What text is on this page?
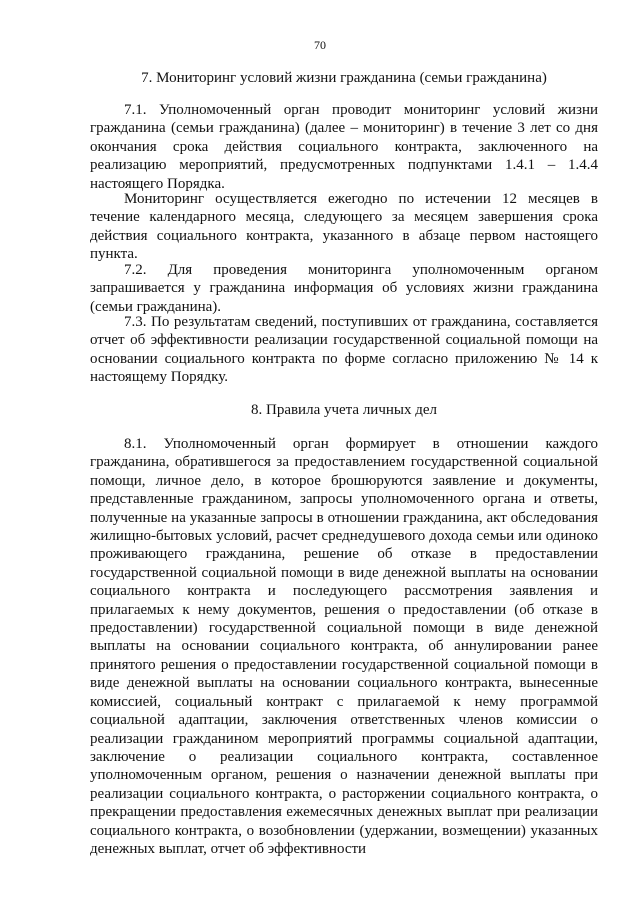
70
7. Мониторинг условий жизни гражданина (семьи гражданина)

7.1. Уполномоченный орган проводит мониторинг условий жизни гражданина (семьи гражданина) (далее – мониторинг) в течение 3 лет со дня окончания срока действия социального контракта, заключенного на реализацию мероприятий, предусмотренных подпунктами 1.4.1 – 1.4.4 настоящего Порядка.

Мониторинг осуществляется ежегодно по истечении 12 месяцев в течение календарного месяца, следующего за месяцем завершения срока действия социального контракта, указанного в абзаце первом настоящего пункта.

7.2. Для проведения мониторинга уполномоченным органом запрашивается у гражданина информация об условиях жизни гражданина (семьи гражданина).

7.3. По результатам сведений, поступивших от гражданина, составляется отчет об эффективности реализации государственной социальной помощи на основании социального контракта по форме согласно приложению № 14 к настоящему Порядку.

8. Правила учета личных дел

8.1. Уполномоченный орган формирует в отношении каждого гражданина, обратившегося за предоставлением государственной социальной помощи, личное дело, в которое брошюруются заявление и документы, представленные гражданином, запросы уполномоченного органа и ответы, полученные на указанные запросы в отношении гражданина, акт обследования жилищно-бытовых условий, расчет среднедушевого дохода семьи или одиноко проживающего гражданина, решение об отказе в предоставлении государственной социальной помощи в виде денежной выплаты на основании социального контракта и последующего рассмотрения заявления и прилагаемых к нему документов, решения о предоставлении (об отказе в предоставлении) государственной социальной помощи в виде денежной выплаты на основании социального контракта, об аннулировании ранее принятого решения о предоставлении государственной социальной помощи в виде денежной выплаты на основании социального контракта, вынесенные комиссией, социальный контракт с прилагаемой к нему программой социальной адаптации, заключения ответственных членов комиссии о реализации гражданином мероприятий программы социальной адаптации, заключение о реализации социального контракта, составленное уполномоченным органом, решения о назначении денежной выплаты при реализации социального контракта, о расторжении социального контракта, о прекращении предоставления ежемесячных денежных выплат при реализации социального контракта, о возобновлении (удержании, возмещении) указанных денежных выплат, отчет об эффективности
